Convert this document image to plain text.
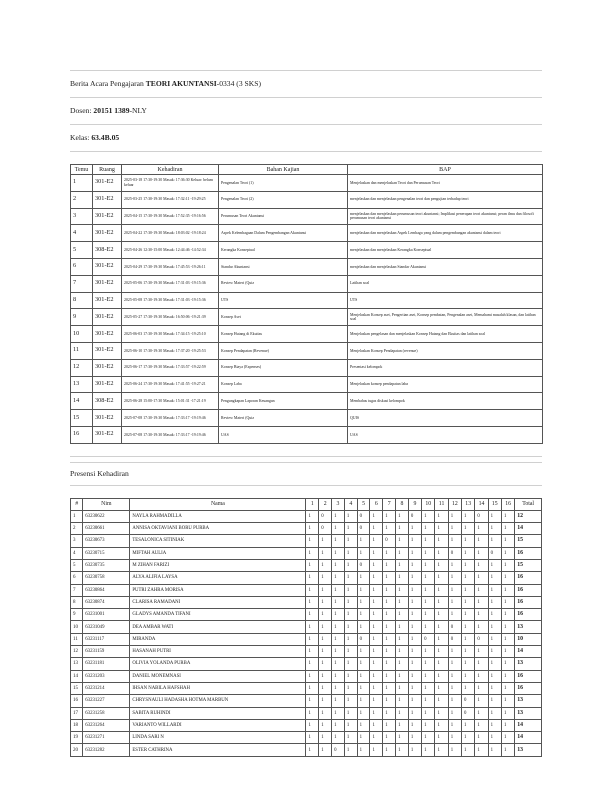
Berita Acara Pengajaran TEORI AKUNTANSI-0334 (3 SKS)
Dosen: 20151 1389-NLY
Kelas: 63.4B.05
Temu	Ruang	Kehadiran	Bahan Kajian	BAP
1	301-E2	2025-03-18 17:30-19:30 Masuk: 17:36:30 Keluar: belum keluar	Pengenalan Teori (1)	Menjelaskan dan menjelaskan Teori dan Perumusan Teori
2	301-E2	2025-03-25 17:30-19:30 Masuk: 17:32:11 -19:29:25	Pengenalan Teori (2)	menjelaskan dan menjelaskan pengenalan teori dan pengujian terhadap teori
3	301-E2	2025-04-15 17:30-19:30 Masuk: 17:52:35 -19:16:56	Perumusan Teori Akuntansi	menjelaskan dan menjelaskan perumusan teori akuntansi; Implikasi penerapan teori akuntansi; peran ilmu dan filosofi perumusan teori akuntansi
4	301-E2	2025-04-22 17:30-19:30 Masuk: 18:03:02 -19:18:24	Aspek Kelembagaan Dalam Pengembangan Akuntansi	menjelaskan dan menjelaskan Aspek Lembaga yang dalam pengembangan akuntansi dalam teori
5	308-E2	2025-04-26 12:30-15:00 Masuk: 12:44:46 -14:52:34	Kerangka Konseptual	menjelaskan dan menjelaskan Kerangka Konseptual
6	301-E2	2025-04-29 17:30-19:30 Masuk: 17:45:53 -19:26:11	Standar Akuntansi	menjelaskan dan menjelaskan Standar Akuntansi
7	301-E2	2025-05-06 17:30-19:30 Masuk: 17:31:03 -19:15:36	Review Materi (Quiz	Latihan soal
8	301-E2	2025-05-08 17:30-19:30 Masuk: 17:31:03 -19:15:36	UTS	UTS
9	301-E2	2025-05-27 17:30-19:30 Masuk: 16:50:06 -19:21:39	Konsep Aset	Menjelaskan Konsep aset, Pengertian aset, Konsep pembatan, Pengenalan aset, Memahami masalah klasan, dan latihan soal
10	301-E2	2025-06-03 17:30-19:30 Masuk: 17:34:15 -19:25:10	Konsep Hutang di Ekuitas	Menjelaskan pengelasan dan menjelaskan Konsep Hutang dan Ekuitas dan latihan soal
11	301-E2	2025-06-10 17:30-19:30 Masuk: 17:37:20 -19:25:53	Konsep Pendapatan (Revenue)	Menjelaskan Konsep Pendapatan (revenue)
12	301-E2	2025-06-17 17:30-19:30 Masuk: 17:33:57 -19:22:59	Konsep Biaya (Expenses)	Presentasi kelompok
13	301-E2	2025-06-24 17:30-19:30 Masuk: 17:41:55 -19:27:21	Konsep Laba	Menjelaskan konsep pendapatan laba
14	308-E2	2025-06-28 15:00-17:30 Masuk: 15:01:31 -17:21:19	Pengungkapan Laporan Keuangan	Membahas tugas diskusi kelompok
15	301-E2	2025-07-08 17:30-19:30 Masuk: 17:33:17 -19:19:46	Review Materi (Quiz	QUIS
16	301-E2	2025-07-08 17:30-19:30 Masuk: 17:33:17 -19:19:46	UAS	UAS
Presensi Kehadiran
#	Nim	Nama	1	2	3	4	5	6	7	8	9	10	11	12	13	14	15	16	Total
1	63230622	NAYLA RAHMADILLA	1	0	1	1	0	1	1	1	0	1	1	1	1	0	1	1	12
2	63230661	ANNISA OKTAVIANI BORU PURBA	1	0	1	1	0	1	1	1	1	1	1	1	1	1	1	1	14
3	63230673	TESALONICA SITINIAK	1	1	1	1	1	1	0	1	1	1	1	1	1	1	1	1	15
4	63230715	MIFTAH AULIA	1	1	1	1	1	1	1	1	1	1	1	0	1	1	0	1	16
5	63230735	M ZIHAN FARIZI	1	1	1	1	0	1	1	1	1	1	1	1	1	1	1	1	15
6	63230758	ALYA ALIFIA LAYSA	1	1	1	1	1	1	1	1	1	1	1	1	1	1	1	1	16
7	63230864	PUTRI ZAHRA MORISA	1	1	1	1	1	1	1	1	1	1	1	1	1	1	1	1	16
8	63230874	CLARISA RAMADANI	1	1	1	1	1	1	1	1	1	1	1	1	1	1	1	1	16
9	63231001	GLADYS AMANDA TIFANI	1	1	1	1	1	1	1	1	1	1	1	1	1	1	1	1	16
10	63231049	DEA AMBAR WATI	1	1	1	1	1	1	1	1	1	1	1	0	1	1	1	1	13
11	63231117	MIRANDA	1	1	1	1	0	1	1	1	1	0	1	0	1	0	1	1	10
12	63231159	HASANAH PUTRI	1	1	1	1	1	1	1	1	1	1	1	1	1	1	1	1	14
13	63231181	OLIVIA YOLANDA PURBA	1	1	1	1	1	1	1	1	1	1	1	1	1	1	1	1	13
14	63231203	DANIEL MONEMNASI	1	1	1	1	1	1	1	1	1	1	1	1	1	1	1	1	16
15	63231214	IHSAN NABILA HAFSHAH	1	1	1	1	1	1	1	1	1	1	1	1	1	1	1	1	16
16	63231227	CHRYSNAULI HADASHA HOTMA MARBUN	1	1	1	1	1	1	1	1	1	1	1	1	0	1	1	1	13
17	63231258	SABITA RUHINDI	1	1	1	1	1	1	1	1	1	1	1	1	0	1	1	1	13
18	63231264	VARIANTO WILLARDI	1	1	1	1	1	1	1	1	1	1	1	1	1	1	1	1	14
19	63231271	LINDA SARI N	1	1	1	1	1	1	1	1	1	1	1	1	1	1	1	1	14
20	63231282	ESTER CATHRINA	1	1	0	1	1	1	1	1	1	1	1	1	1	1	1	1	13
